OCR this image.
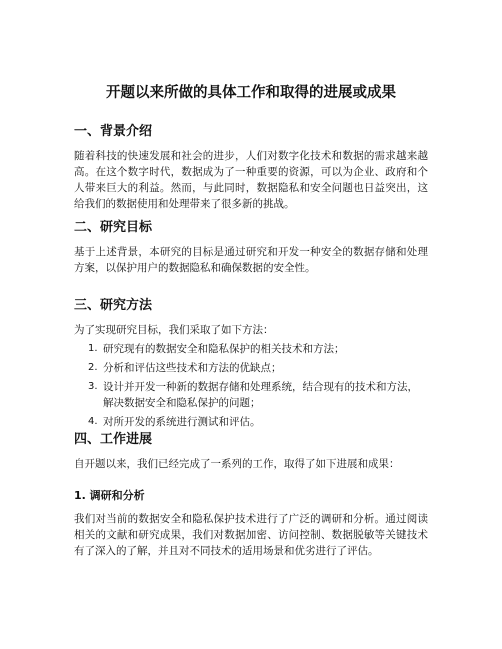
开题以来所做的具体工作和取得的进展或成果
一、背景介绍
随着科技的快速发展和社会的进步，人们对数字化技术和数据的需求越来越高。在这个数字时代，数据成为了一种重要的资源，可以为企业、政府和个人带来巨大的利益。然而，与此同时，数据隐私和安全问题也日益突出，这给我们的数据使用和处理带来了很多新的挑战。
二、研究目标
基于上述背景，本研究的目标是通过研究和开发一种安全的数据存储和处理方案，以保护用户的数据隐私和确保数据的安全性。
三、研究方法
为了实现研究目标，我们采取了如下方法：
1. 研究现有的数据安全和隐私保护的相关技术和方法；
2. 分析和评估这些技术和方法的优缺点；
3. 设计并开发一种新的数据存储和处理系统，结合现有的技术和方法，解决数据安全和隐私保护的问题；
4. 对所开发的系统进行测试和评估。
四、工作进展
自开题以来，我们已经完成了一系列的工作，取得了如下进展和成果：
1. 调研和分析
我们对当前的数据安全和隐私保护技术进行了广泛的调研和分析。通过阅读相关的文献和研究成果，我们对数据加密、访问控制、数据脱敏等关键技术有了深入的了解，并且对不同技术的适用场景和优劣进行了评估。
